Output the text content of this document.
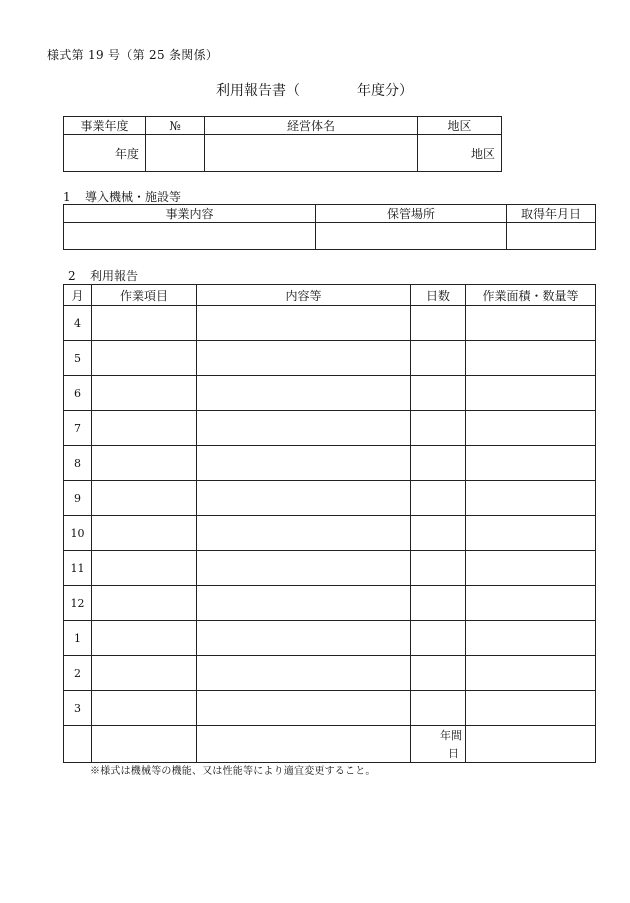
様式第 19 号（第 25 条関係）
利用報告書（	年度分）
事業年度	№	経営体名	地区
年度			地区
1 導入機械・施設等
事業内容	保管場所	取得年月日

2 利用報告
月	作業項目	内容等	日数	作業面積・数量等
4				
5				
6				
7				
8				
9				
10				
11				
12				
1				
2				
3				

			年間
日	

※様式は機械等の機能、又は性能等により適宜変更すること。
